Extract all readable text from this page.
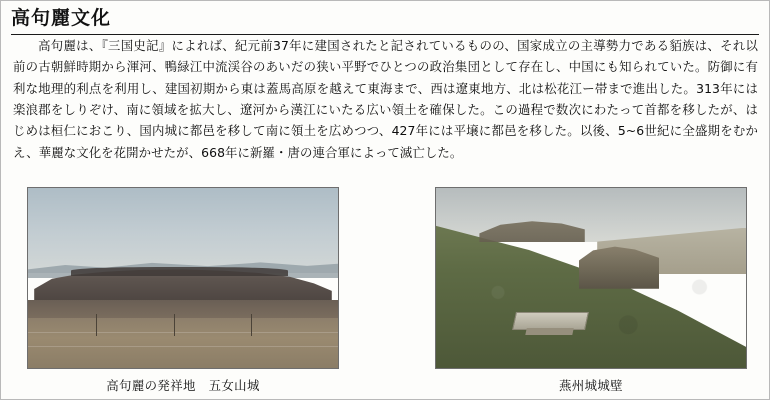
高句麗文化
　高句麗は、『三国史記』によれば、紀元前37年に建国されたと記されているものの、国家成立の主導勢力である貊族は、それ以前の古朝鮮時期から渾河、鴨緑江中流渓谷のあいだの狭い平野でひとつの政治集団として存在し、中国にも知られていた。防御に有利な地理的利点を利用し、建国初期から東は蓋馬高原を越えて東海まで、西は遼東地方、北は松花江ー帯まで進出した。313年には楽浪郡をしりぞけ、南に領域を拡大し、遼河から漢江にいたる広い領土を確保した。この過程で数次にわたって首都を移したが、はじめは桓仁におこり、国内城に都邑を移して南に領土を広めつつ、427年には平壌に都邑を移した。以後、5~6世紀に全盛期をむかえ、華麗な文化を花開かせたが、668年に新羅・唐の連合軍によって滅亡した。
高句麗の発祥地　五女山城	燕州城城壁
